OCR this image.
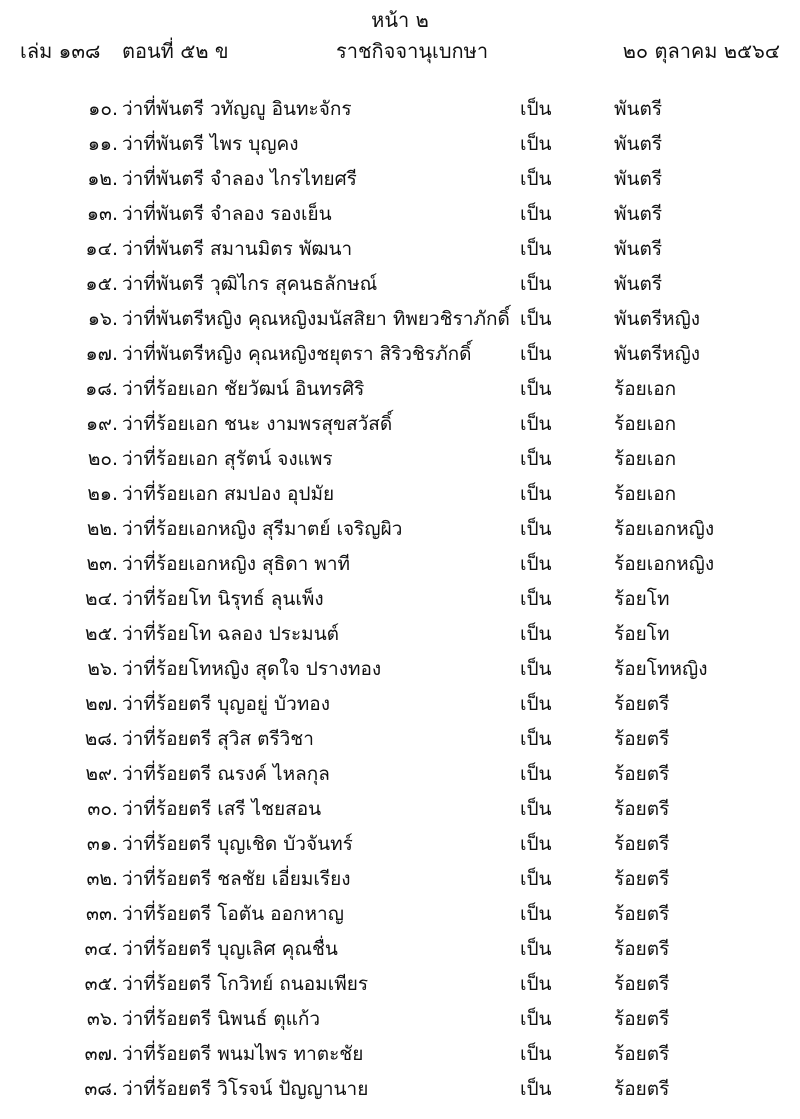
หน้า ๒
เล่ม ๑๓๘ ตอนที่ ๕๒ ข	ราชกิจจานุเบกษา	๒๐ ตุลาคม ๒๕๖๔
๑๐. ว่าที่พันตรี วทัญญู อินทะจักร	เป็น	พันตรี
๑๑. ว่าที่พันตรี ไพร บุญคง	เป็น	พันตรี
๑๒. ว่าที่พันตรี จำลอง ไกรไทยศรี	เป็น	พันตรี
๑๓. ว่าที่พันตรี จำลอง รองเย็น	เป็น	พันตรี
๑๔. ว่าที่พันตรี สมานมิตร พัฒนา	เป็น	พันตรี
๑๕. ว่าที่พันตรี วุฒิไกร สุคนธลักษณ์	เป็น	พันตรี
๑๖. ว่าที่พันตรีหญิง คุณหญิงมนัสสิยา ทิพยวชิราภักดิ์ เป็น	พันตรีหญิง
๑๗. ว่าที่พันตรีหญิง คุณหญิงชยุตรา สิริวชิรภักดิ์	เป็น	พันตรีหญิง
๑๘. ว่าที่ร้อยเอก ชัยวัฒน์ อินทรศิริ	เป็น	ร้อยเอก
๑๙. ว่าที่ร้อยเอก ชนะ งามพรสุขสวัสดิ์	เป็น	ร้อยเอก
๒๐. ว่าที่ร้อยเอก สุรัตน์ จงแพร	เป็น	ร้อยเอก
๒๑. ว่าที่ร้อยเอก สมปอง อุปมัย	เป็น	ร้อยเอก
๒๒. ว่าที่ร้อยเอกหญิง สุรีมาตย์ เจริญผิว	เป็น	ร้อยเอกหญิง
๒๓. ว่าที่ร้อยเอกหญิง สุธิดา พาที	เป็น	ร้อยเอกหญิง
๒๔. ว่าที่ร้อยโท นิรุทธ์ ลุนเพ็ง	เป็น	ร้อยโท
๒๕. ว่าที่ร้อยโท ฉลอง ประมนต์	เป็น	ร้อยโท
๒๖. ว่าที่ร้อยโทหญิง สุดใจ ปรางทอง	เป็น	ร้อยโทหญิง
๒๗. ว่าที่ร้อยตรี บุญอยู่ บัวทอง	เป็น	ร้อยตรี
๒๘. ว่าที่ร้อยตรี สุวิส ตรีวิชา	เป็น	ร้อยตรี
๒๙. ว่าที่ร้อยตรี ณรงค์ ไหลกุล	เป็น	ร้อยตรี
๓๐. ว่าที่ร้อยตรี เสรี ไชยสอน	เป็น	ร้อยตรี
๓๑. ว่าที่ร้อยตรี บุญเชิด บัวจันทร์	เป็น	ร้อยตรี
๓๒. ว่าที่ร้อยตรี ชลชัย เอี่ยมเรียง	เป็น	ร้อยตรี
๓๓. ว่าที่ร้อยตรี โอตัน ออกหาญ	เป็น	ร้อยตรี
๓๔. ว่าที่ร้อยตรี บุญเลิศ คุณชื่น	เป็น	ร้อยตรี
๓๕. ว่าที่ร้อยตรี โกวิทย์ ถนอมเพียร	เป็น	ร้อยตรี
๓๖. ว่าที่ร้อยตรี นิพนธ์ ตุแก้ว	เป็น	ร้อยตรี
๓๗. ว่าที่ร้อยตรี พนมไพร ทาตะชัย	เป็น	ร้อยตรี
๓๘. ว่าที่ร้อยตรี วิโรจน์ ปัญญานาย	เป็น	ร้อยตรี
